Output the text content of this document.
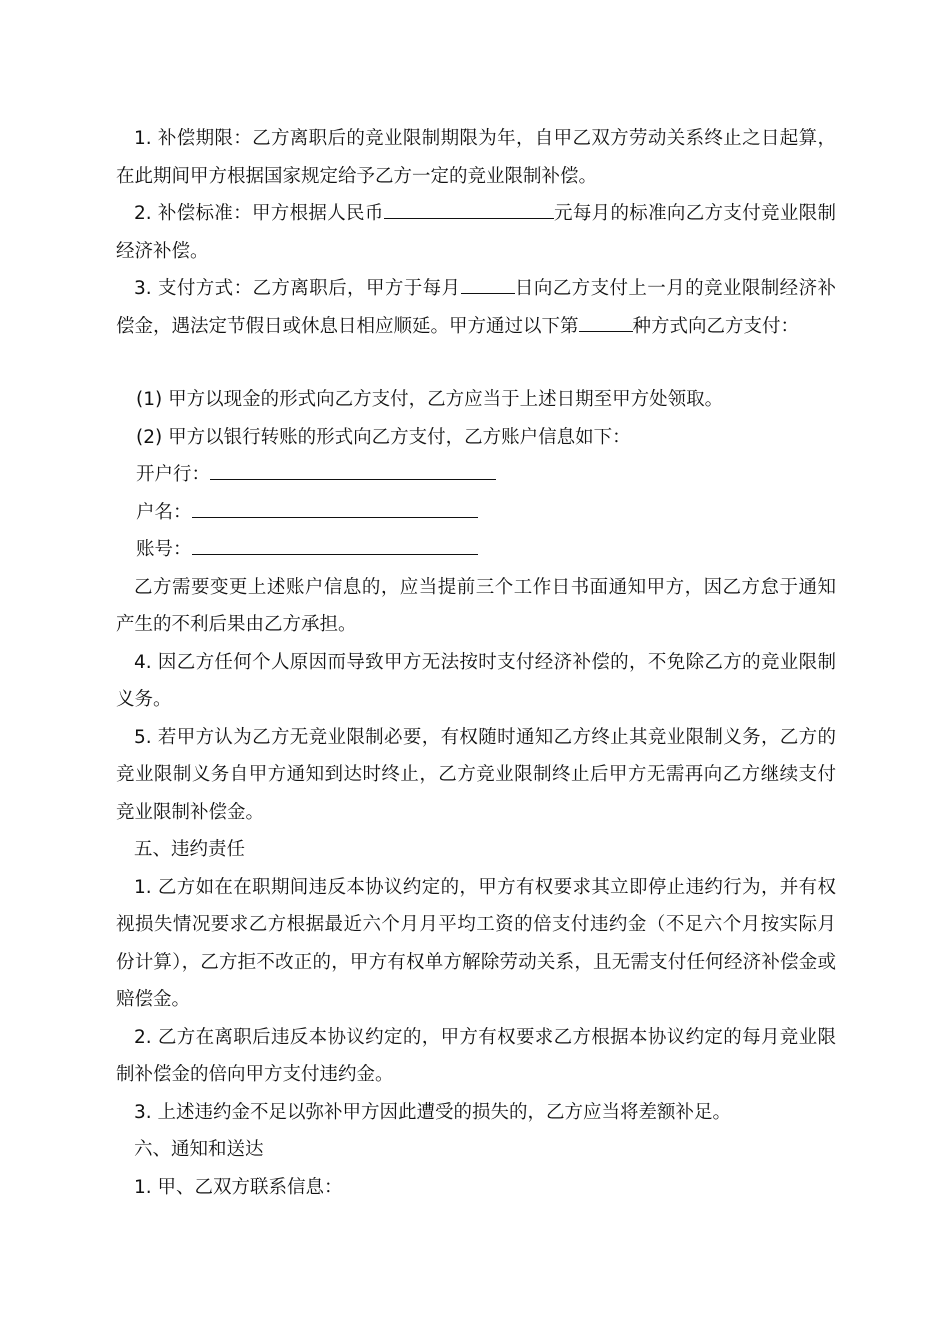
1. 补偿期限：乙方离职后的竞业限制期限为年，自甲乙双方劳动关系终止之日起算，在此期间甲方根据国家规定给予乙方一定的竞业限制补偿。

2. 补偿标准：甲方根据人民币	元每月的标准向乙方支付竞业限制经济补偿。

3. 支付方式：乙方离职后，甲方于每月	日向乙方支付上一月的竞业限制经济补偿金，遇法定节假日或休息日相应顺延。甲方通过以下第	种方式向乙方支付：

(1) 甲方以现金的形式向乙方支付，乙方应当于上述日期至甲方处领取。

(2) 甲方以银行转账的形式向乙方支付，乙方账户信息如下：

开户行：

户名：

账号：

乙方需要变更上述账户信息的，应当提前三个工作日书面通知甲方，因乙方怠于通知产生的不利后果由乙方承担。

4. 因乙方任何个人原因而导致甲方无法按时支付经济补偿的，不免除乙方的竞业限制义务。

5. 若甲方认为乙方无竞业限制必要，有权随时通知乙方终止其竞业限制义务，乙方的竞业限制义务自甲方通知到达时终止，乙方竞业限制终止后甲方无需再向乙方继续支付竞业限制补偿金。

五、违约责任

1. 乙方如在在职期间违反本协议约定的，甲方有权要求其立即停止违约行为，并有权视损失情况要求乙方根据最近六个月月平均工资的倍支付违约金（不足六个月按实际月份计算），乙方拒不改正的，甲方有权单方解除劳动关系，且无需支付任何经济补偿金或赔偿金。

2. 乙方在离职后违反本协议约定的，甲方有权要求乙方根据本协议约定的每月竞业限制补偿金的倍向甲方支付违约金。

3. 上述违约金不足以弥补甲方因此遭受的损失的，乙方应当将差额补足。

六、通知和送达

1. 甲、乙双方联系信息：
